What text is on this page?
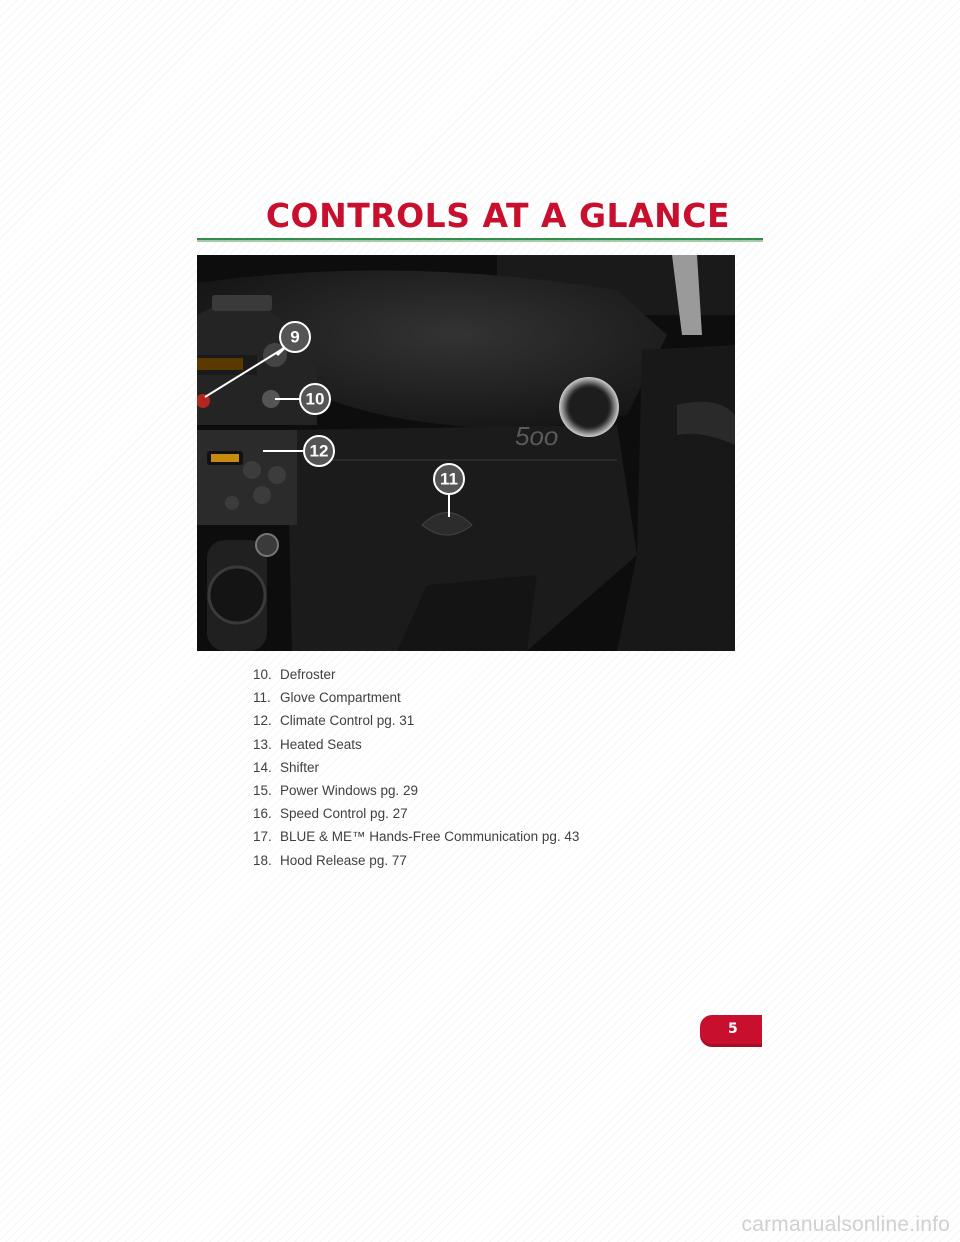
CONTROLS AT A GLANCE
5oo
9
10
12
11
10. Defroster
11. Glove Compartment
12. Climate Control pg. 31
13. Heated Seats
14. Shifter
15. Power Windows pg. 29
16. Speed Control pg. 27
17. BLUE & ME™ Hands-Free Communication pg. 43
18. Hood Release pg. 77
5
carmanualsonline.info
